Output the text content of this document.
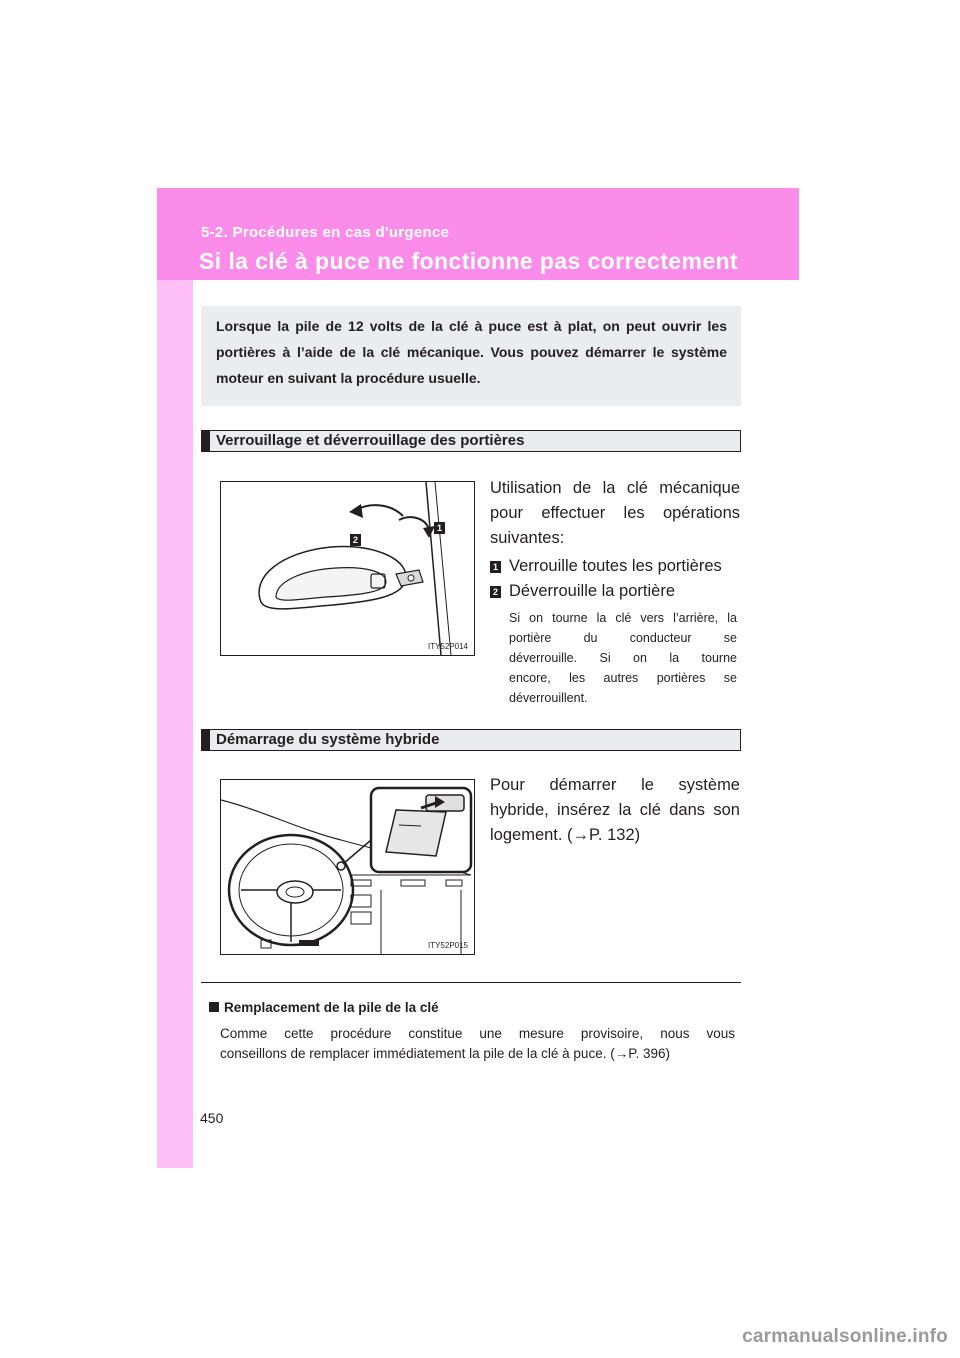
5-2. Procédures en cas d'urgence
Si la clé à puce ne fonctionne pas correctement

Lorsque la pile de 12 volts de la clé à puce est à plat, on peut ouvrir les portières à l’aide de la clé mécanique. Vous pouvez démarrer le système moteur en suivant la procédure usuelle.

Verrouillage et déverrouillage des portières
2
1
ITY52P014
Utilisation de la clé mécanique
pour effectuer les opérations
suivantes:
1 Verrouille toutes les portières
2 Déverrouille la portière

Si on tourne la clé vers l’arrière, la

portière du conducteur se

déverrouille. Si on la tourne

encore, les autres portières se

déverrouillent.

Démarrage du système hybride
ITY52P015
Pour démarrer le système
hybride, insérez la clé dans son
logement. (→P. 132)
Remplacement de la pile de la clé
Comme cette procédure constitue une mesure provisoire, nous vous
conseillons de remplacer immédiatement la pile de la clé à puce. (→P. 396)
450
carmanualsonline.info
